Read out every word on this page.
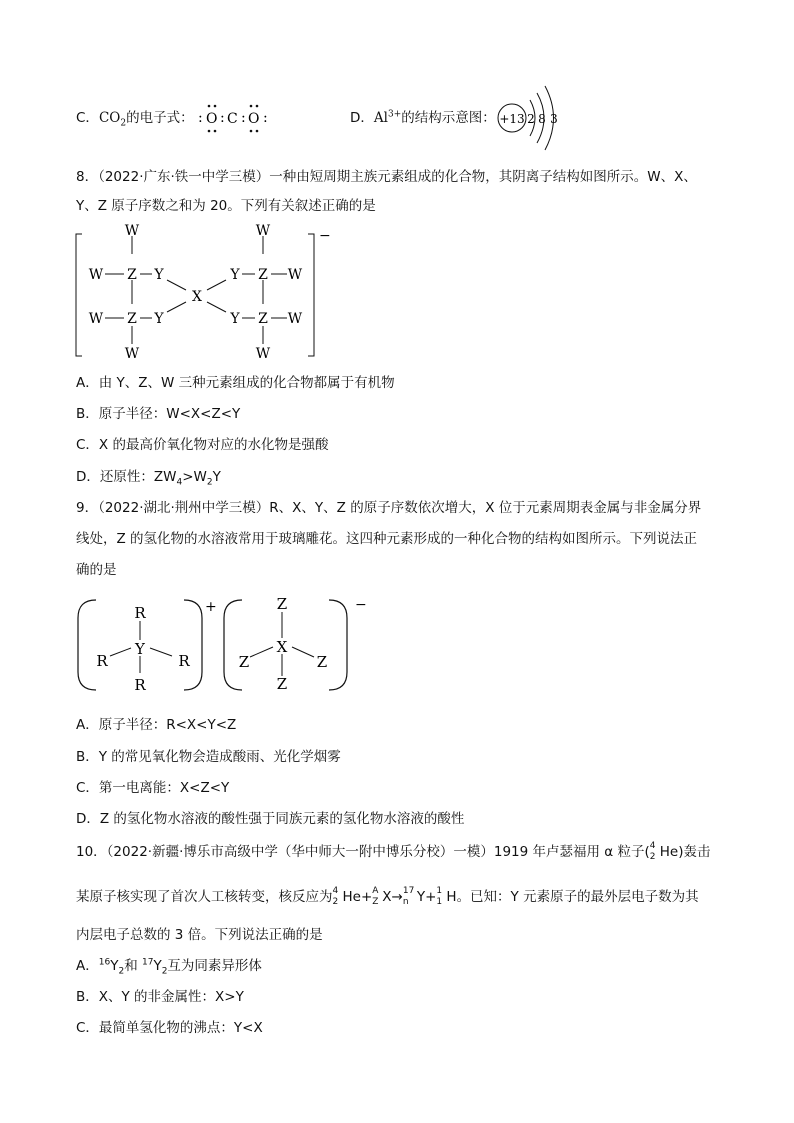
C．$CO_2$的电子式： : O : C : O :	D．$Al^{3+}$的结构示意图： +13 2 8 3
8．（2022·广东·铁一中学三模）一种由短周期主族元素组成的化合物，其阴离子结构如图所示。W、X、
Y、Z 原子序数之和为 20。下列有关叙述正确的是
−
W
W Z Y
W Z Y
W
X
W
Y Z W
Y Z W
W
A．由 Y、Z、W 三种元素组成的化合物都属于有机物
B．原子半径：W<X<Z<Y
C．X 的最高价氧化物对应的水化物是强酸
D．还原性：$ZW_4>W_2Y$
9．（2022·湖北·荆州中学三模）R、X、Y、Z 的原子序数依次增大，X 位于元素周期表金属与非金属分界
线处，Z 的氢化物的水溶液常用于玻璃雕花。这四种元素形成的一种化合物的结构如图所示。下列说法正
确的是
+	−
R
R
Y
R
R
Z
Z
X
Z
Z
A．原子半径：R<X<Y<Z
B．Y 的常见氧化物会造成酸雨、光化学烟雾
C．第一电离能：X<Z<Y
D．Z 的氢化物水溶液的酸性强于同族元素的氢化物水溶液的酸性
10．（2022·新疆·博乐市高级中学（华中师大一附中博乐分校）一模）1919 年卢瑟福用 α 粒子( 4
2 He)轰击
某原子核实现了首次人工核转变，核反应为 4
2 He+ A
Z X→ 17
n Y+ 1
1 H。已知：Y 元素原子的最外层电子数为其
内层电子总数的 3 倍。下列说法正确的是
A．$^{16}Y_2$和 $^{17}Y_2$互为同素异形体
B．X、Y 的非金属性：X>Y
C．最简单氢化物的沸点：Y<X
